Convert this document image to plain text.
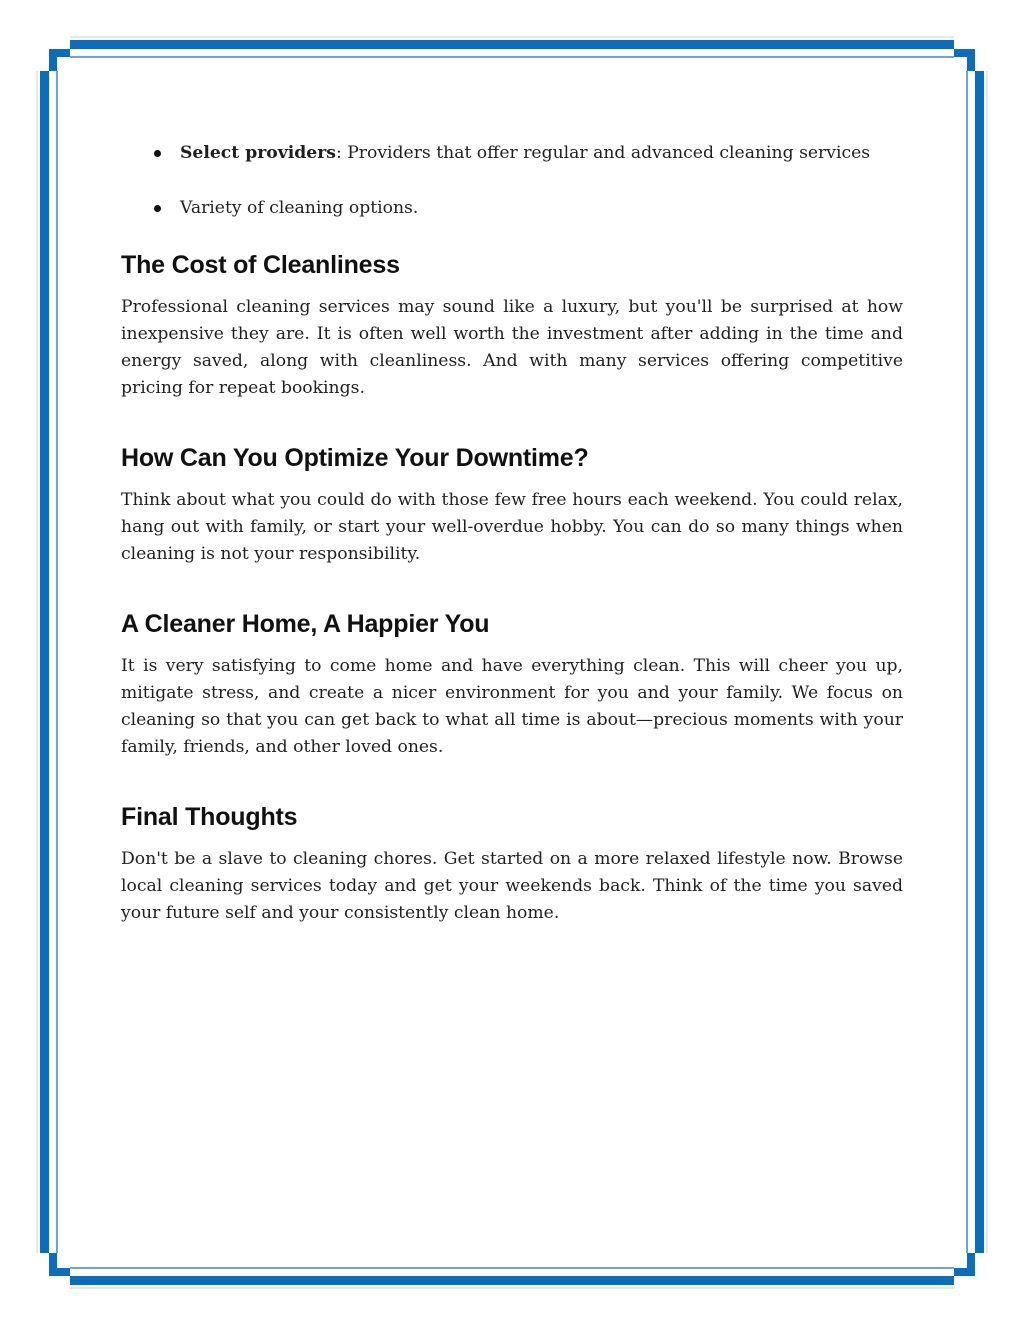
Select providers: Providers that offer regular and advanced cleaning services
Variety of cleaning options.
The Cost of Cleanliness

Professional cleaning services may sound like a luxury, but you'll be surprised at how inexpensive they are. It is often well worth the investment after adding in the time and energy saved, along with cleanliness. And with many services offering competitive pricing for repeat bookings.

How Can You Optimize Your Downtime?

Think about what you could do with those few free hours each weekend. You could relax, hang out with family, or start your well-overdue hobby. You can do so many things when cleaning is not your responsibility.

A Cleaner Home, A Happier You

It is very satisfying to come home and have everything clean. This will cheer you up, mitigate stress, and create a nicer environment for you and your family. We focus on cleaning so that you can get back to what all time is about—precious moments with your family, friends, and other loved ones.

Final Thoughts

Don't be a slave to cleaning chores. Get started on a more relaxed lifestyle now. Browse local cleaning services today and get your weekends back. Think of the time you saved your future self and your consistently clean home.
